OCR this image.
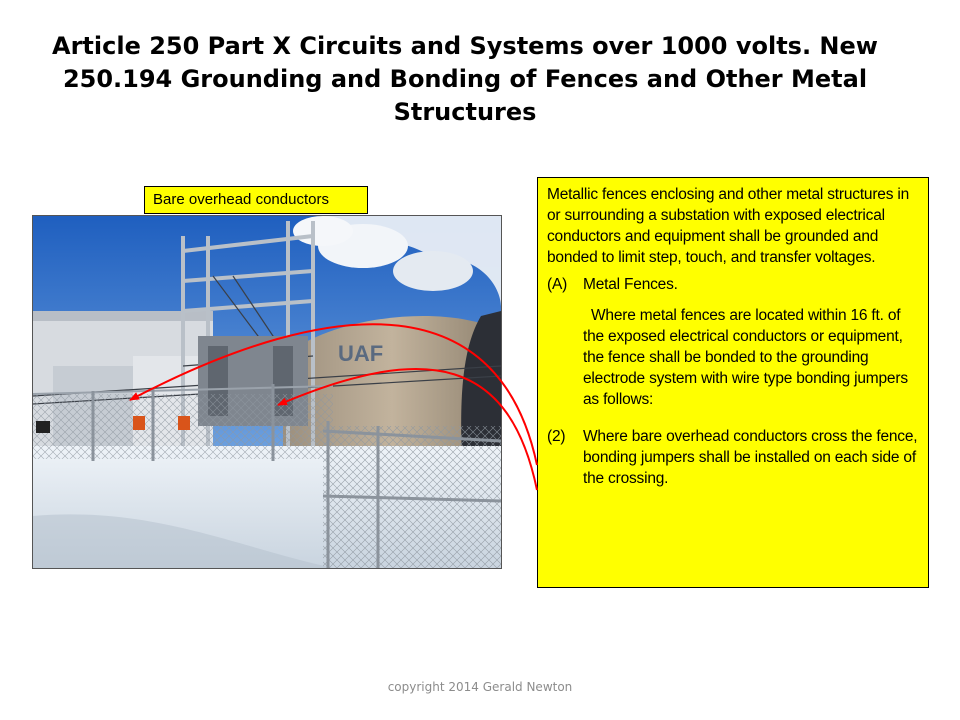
Article 250 Part X Circuits and Systems over 1000 volts. New
250.194 Grounding and Bonding of Fences and Other Metal
Structures
UAF
Bare overhead conductors	Metallic fences enclosing and other metal structures in or surrounding a substation with exposed electrical conductors and equipment shall be grounded and bonded to limit step, touch, and transfer voltages.

(A) Metal Fences.

Where metal fences are located within 16 ft. of the exposed electrical conductors or equipment, the fence shall be bonded to the grounding electrode system with wire type bonding jumpers as follows:

(2)	Where bare overhead conductors cross the fence, bonding jumpers shall be installed on each side of the crossing.

copyright 2014 Gerald Newton
